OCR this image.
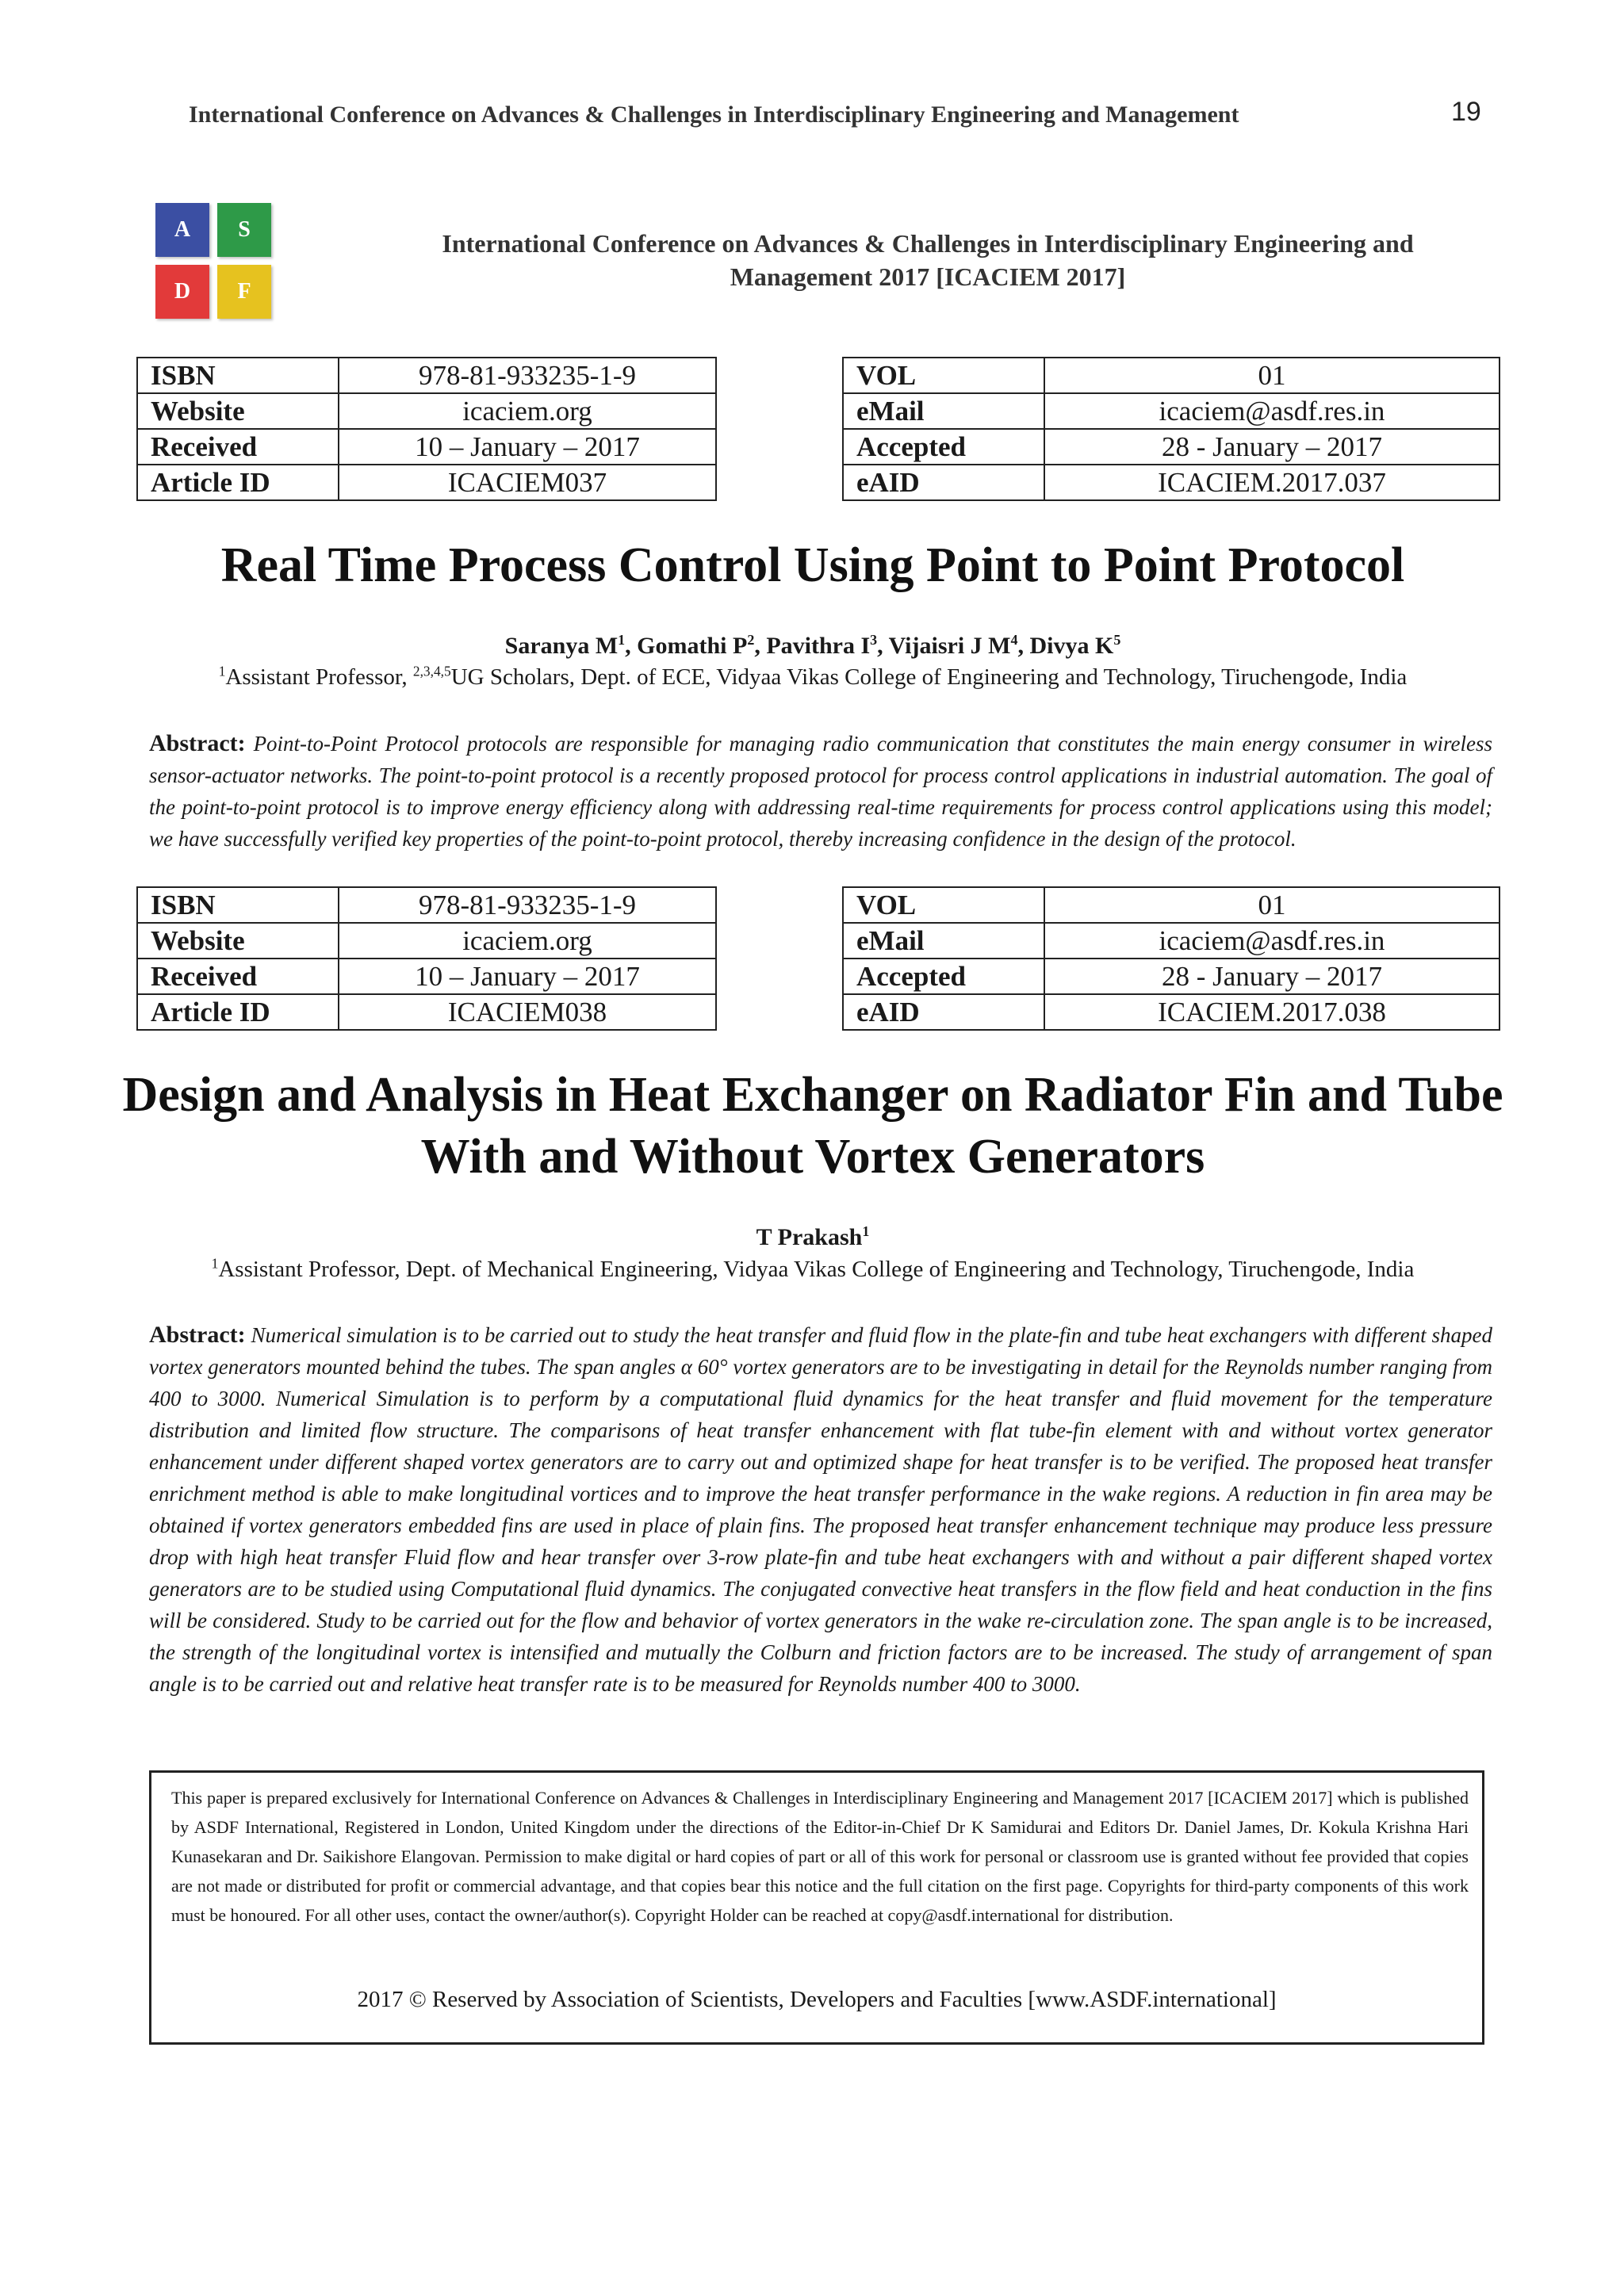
International Conference on Advances & Challenges in Interdisciplinary Engineering and Management	19
A	S
D	F
International Conference on Advances & Challenges in Interdisciplinary Engineering and Management 2017 [ICACIEM 2017]
ISBN	978-81-933235-1-9
Website	icaciem.org
Received	10 – January – 2017
Article ID	ICACIEM037
VOL	01
eMail	icaciem@asdf.res.in
Accepted	28 - January – 2017
eAID	ICACIEM.2017.037
Real Time Process Control Using Point to Point Protocol
Saranya $M^1$, Gomathi $P^2$, Pavithra $I^3$, Vijaisri J $M^4$, Divya $K^5$
$^1$Assistant Professor, $^{2,3,4,5}$UG Scholars, Dept. of ECE, Vidyaa Vikas College of Engineering and Technology, Tiruchengode, India
Abstract: Point-to-Point Protocol protocols are responsible for managing radio communication that constitutes the main energy consumer in wireless sensor-actuator networks. The point-to-point protocol is a recently proposed protocol for process control applications in industrial automation. The goal of the point-to-point protocol is to improve energy efficiency along with addressing real-time requirements for process control applications using this model; we have successfully verified key properties of the point-to-point protocol, thereby increasing confidence in the design of the protocol.
ISBN	978-81-933235-1-9
Website	icaciem.org
Received	10 – January – 2017
Article ID	ICACIEM038
VOL	01
eMail	icaciem@asdf.res.in
Accepted	28 - January – 2017
eAID	ICACIEM.2017.038
Design and Analysis in Heat Exchanger on Radiator Fin and Tube With and Without Vortex Generators
T Prakash$^1$
$^1$Assistant Professor, Dept. of Mechanical Engineering, Vidyaa Vikas College of Engineering and Technology, Tiruchengode, India
Abstract: Numerical simulation is to be carried out to study the heat transfer and fluid flow in the plate-fin and tube heat exchangers with different shaped vortex generators mounted behind the tubes. The span angles α 60° vortex generators are to be investigating in detail for the Reynolds number ranging from 400 to 3000. Numerical Simulation is to perform by a computational fluid dynamics for the heat transfer and fluid movement for the temperature distribution and limited flow structure. The comparisons of heat transfer enhancement with flat tube-fin element with and without vortex generator enhancement under different shaped vortex generators are to carry out and optimized shape for heat transfer is to be verified. The proposed heat transfer enrichment method is able to make longitudinal vortices and to improve the heat transfer performance in the wake regions. A reduction in fin area may be obtained if vortex generators embedded fins are used in place of plain fins. The proposed heat transfer enhancement technique may produce less pressure drop with high heat transfer Fluid flow and hear transfer over 3-row plate-fin and tube heat exchangers with and without a pair different shaped vortex generators are to be studied using Computational fluid dynamics. The conjugated convective heat transfers in the flow field and heat conduction in the fins will be considered. Study to be carried out for the flow and behavior of vortex generators in the wake re-circulation zone. The span angle is to be increased, the strength of the longitudinal vortex is intensified and mutually the Colburn and friction factors are to be increased. The study of arrangement of span angle is to be carried out and relative heat transfer rate is to be measured for Reynolds number 400 to 3000.
This paper is prepared exclusively for International Conference on Advances & Challenges in Interdisciplinary Engineering and Management 2017 [ICACIEM 2017] which is published by ASDF International, Registered in London, United Kingdom under the directions of the Editor-in-Chief Dr K Samidurai and Editors Dr. Daniel James, Dr. Kokula Krishna Hari Kunasekaran and Dr. Saikishore Elangovan. Permission to make digital or hard copies of part or all of this work for personal or classroom use is granted without fee provided that copies are not made or distributed for profit or commercial advantage, and that copies bear this notice and the full citation on the first page. Copyrights for third-party components of this work must be honoured. For all other uses, contact the owner/author(s). Copyright Holder can be reached at copy@asdf.international for distribution.
2017 © Reserved by Association of Scientists, Developers and Faculties [www.ASDF.international]
